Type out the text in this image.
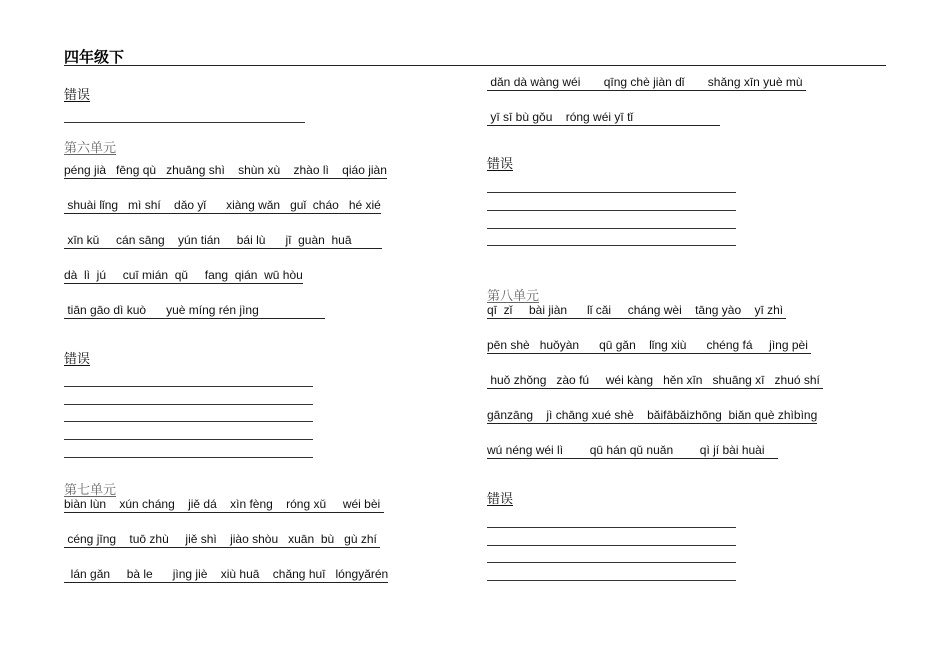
四年级下
错误
第六单元
péng jià   fēng qù   zhuāng shì    shùn xù    zhào lì    qiáo jiàn
shuài lǐng   mì shí    dǎo yǐ      xiàng wǎn   guǐ  cháo   hé xié
xīn kǔ     cán sāng    yún tián     bái lù      jī  guàn  huā
dà  lì  jú     cuī mián  qǔ     fang  qián  wū hòu
tiān gāo dì kuò      yuè míng rén jìng
错误
第七单元
biàn lùn    xún cháng    jiě dá    xìn fèng    róng xǔ     wéi bèi
céng jīng    tuō zhù     jiě shì    jiào shòu   xuān  bù   gù zhí
lán gǎn     bà le      jìng jiè    xiù huā    chǎng huī   lóngyǎrén
dǎn dà wàng wéi       qīng chè jiàn dǐ       shǎng xīn yuè mù
yī sī bù gǒu    róng wéi yī tǐ
错误
第八单元
qī  zǐ     bài jiàn      lǐ cǎi     cháng wèi    tāng yào    yī zhì
pēn shè   huǒyàn      qū gǎn    lǐng xiù      chéng fá     jìng pèi
huǒ zhǒng   zào fú     wéi kàng   hěn xīn   shuāng xī   zhuó shí
gānzāng    jì chāng xué shè    bǎifābǎizhōng  biǎn què zhìbìng
wú néng wéi lì        qū hán qǔ nuǎn        qì jí bài huài
错误
